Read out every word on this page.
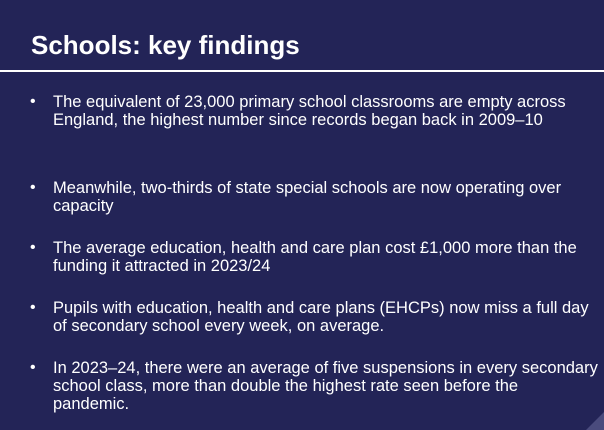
Schools: key findings
• The equivalent of 23,000 primary school classrooms are empty across England, the highest number since records began back in 2009–10
• Meanwhile, two-thirds of state special schools are now operating over capacity
• The average education, health and care plan cost £1,000 more than the funding it attracted in 2023/24
• Pupils with education, health and care plans (EHCPs) now miss a full day of secondary school every week, on average.
• In 2023–24, there were an average of five suspensions in every secondary school class, more than double the highest rate seen before the pandemic.
